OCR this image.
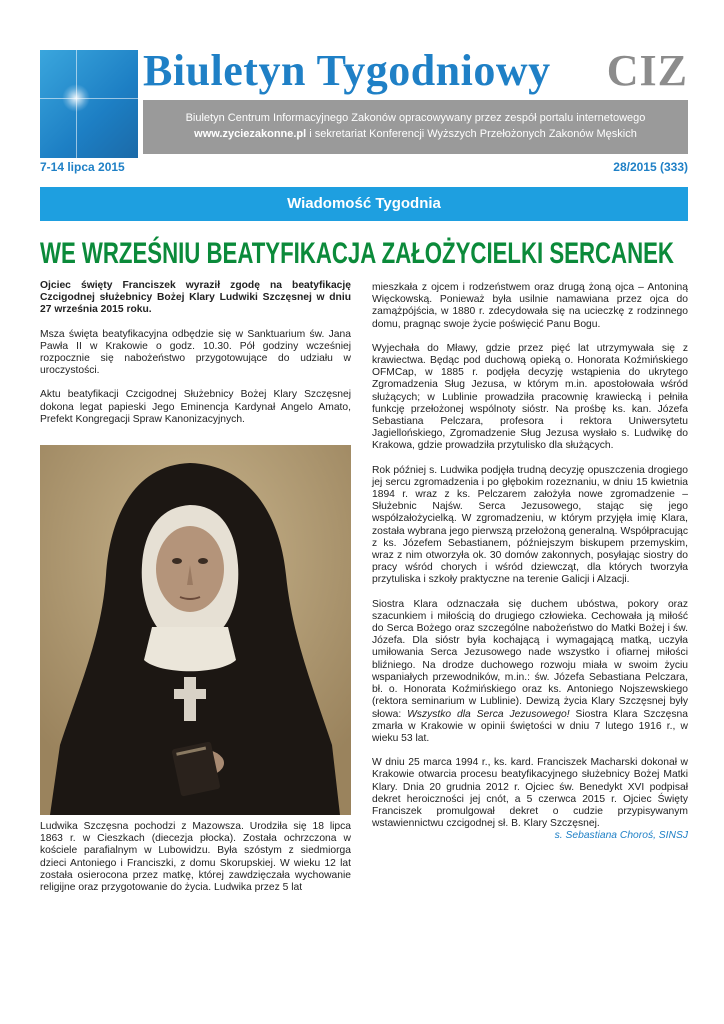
Biuletyn Tygodniowy CIZ
Biuletyn Centrum Informacyjnego Zakonów opracowywany przez zespół portalu internetowego
www.zyciezakonne.pl i sekretariat Konferencji Wyższych Przełożonych Zakonów Męskich
7-14 lipca 2015	28/2015 (333)
Wiadomość Tygodnia
WE WRZEŚNIU BEATYFIKACJA ZAŁOŻYCIELKI SERCANEK

Ojciec święty Franciszek wyraził zgodę na beatyfikację Czcigodnej służebnicy Bożej Klary Ludwiki Szczęsnej w dniu 27 września 2015 roku.

Msza święta beatyfikacyjna odbędzie się w Sanktuarium św. Jana Pawła II w Krakowie o godz. 10.30. Pół godziny wcześniej rozpocznie się nabożeństwo przygotowujące do udziału w uroczystości.

Aktu beatyfikacji Czcigodnej Służebnicy Bożej Klary Szczęsnej dokona legat papieski Jego Eminencja Kardynał Angelo Amato, Prefekt Kongregacji Spraw Kanonizacyjnych.

Ludwika Szczęsna pochodzi z Mazowsza. Urodziła się 18 lipca 1863 r. w Cieszkach (diecezja płocka). Została ochrzczona w kościele parafialnym w Lubowidzu. Była szóstym z siedmiorga dzieci Antoniego i Franciszki, z domu Skorupskiej. W wieku 12 lat została osierocona przez matkę, której zawdzięczała wychowanie religijne oraz przygotowanie do życia. Ludwika przez 5 lat

mieszkała z ojcem i rodzeństwem oraz drugą żoną ojca – Antoniną Więckowską. Ponieważ była usilnie namawiana przez ojca do zamążpójścia, w 1880 r. zdecydowała się na ucieczkę z rodzinnego domu, pragnąc swoje życie poświęcić Panu Bogu.

Wyjechała do Mławy, gdzie przez pięć lat utrzymywała się z krawiectwa. Będąc pod duchową opieką o. Honorata Koźmińskiego OFMCap, w 1885 r. podjęła decyzję wstąpienia do ukrytego Zgromadzenia Sług Jezusa, w którym m.in. apostołowała wśród służących; w Lublinie prowadziła pracownię krawiecką i pełniła funkcję przełożonej wspólnoty sióstr. Na prośbę ks. kan. Józefa Sebastiana Pelczara, profesora i rektora Uniwersytetu Jagiellońskiego, Zgromadzenie Sług Jezusa wysłało s. Ludwikę do Krakowa, gdzie prowadziła przytulisko dla służących.

Rok później s. Ludwika podjęła trudną decyzję opuszczenia drogiego jej sercu zgromadzenia i po głębokim rozeznaniu, w dniu 15 kwietnia 1894 r. wraz z ks. Pelczarem założyła nowe zgromadzenie – Służebnic Najśw. Serca Jezusowego, stając się jego współzałożycielką. W zgromadzeniu, w którym przyjęła imię Klara, została wybrana jego pierwszą przełożoną generalną. Współpracując z ks. Józefem Sebastianem, późniejszym biskupem przemyskim, wraz z nim otworzyła ok. 30 domów zakonnych, posyłając siostry do pracy wśród chorych i wśród dziewcząt, dla których tworzyła przytuliska i szkoły praktyczne na terenie Galicji i Alzacji.

Siostra Klara odznaczała się duchem ubóstwa, pokory oraz szacunkiem i miłością do drugiego człowieka. Cechowała ją miłość do Serca Bożego oraz szczególne nabożeństwo do Matki Bożej i św. Józefa. Dla sióstr była kochającą i wymagającą matką, uczyła umiłowania Serca Jezusowego nade wszystko i ofiarnej miłości bliźniego. Na drodze duchowego rozwoju miała w swoim życiu wspaniałych przewodników, m.in.: św. Józefa Sebastiana Pelczara, bł. o. Honorata Koźmińskiego oraz ks. Antoniego Nojszewskiego (rektora seminarium w Lublinie). Dewizą życia Klary Szczęsnej były słowa: Wszystko dla Serca Jezusowego! Siostra Klara Szczęsna zmarła w Krakowie w opinii świętości w dniu 7 lutego 1916 r., w wieku 53 lat.

W dniu 25 marca 1994 r., ks. kard. Franciszek Macharski dokonał w Krakowie otwarcia procesu beatyfikacyjnego służebnicy Bożej Matki Klary. Dnia 20 grudnia 2012 r. Ojciec św. Benedykt XVI podpisał dekret heroiczności jej cnót, a 5 czerwca 2015 r. Ojciec Święty Franciszek promulgował dekret o cudzie przypisywanym wstawiennictwu czcigodnej sł. B. Klary Szczęsnej.

s. Sebastiana Choroś, SINSJ
